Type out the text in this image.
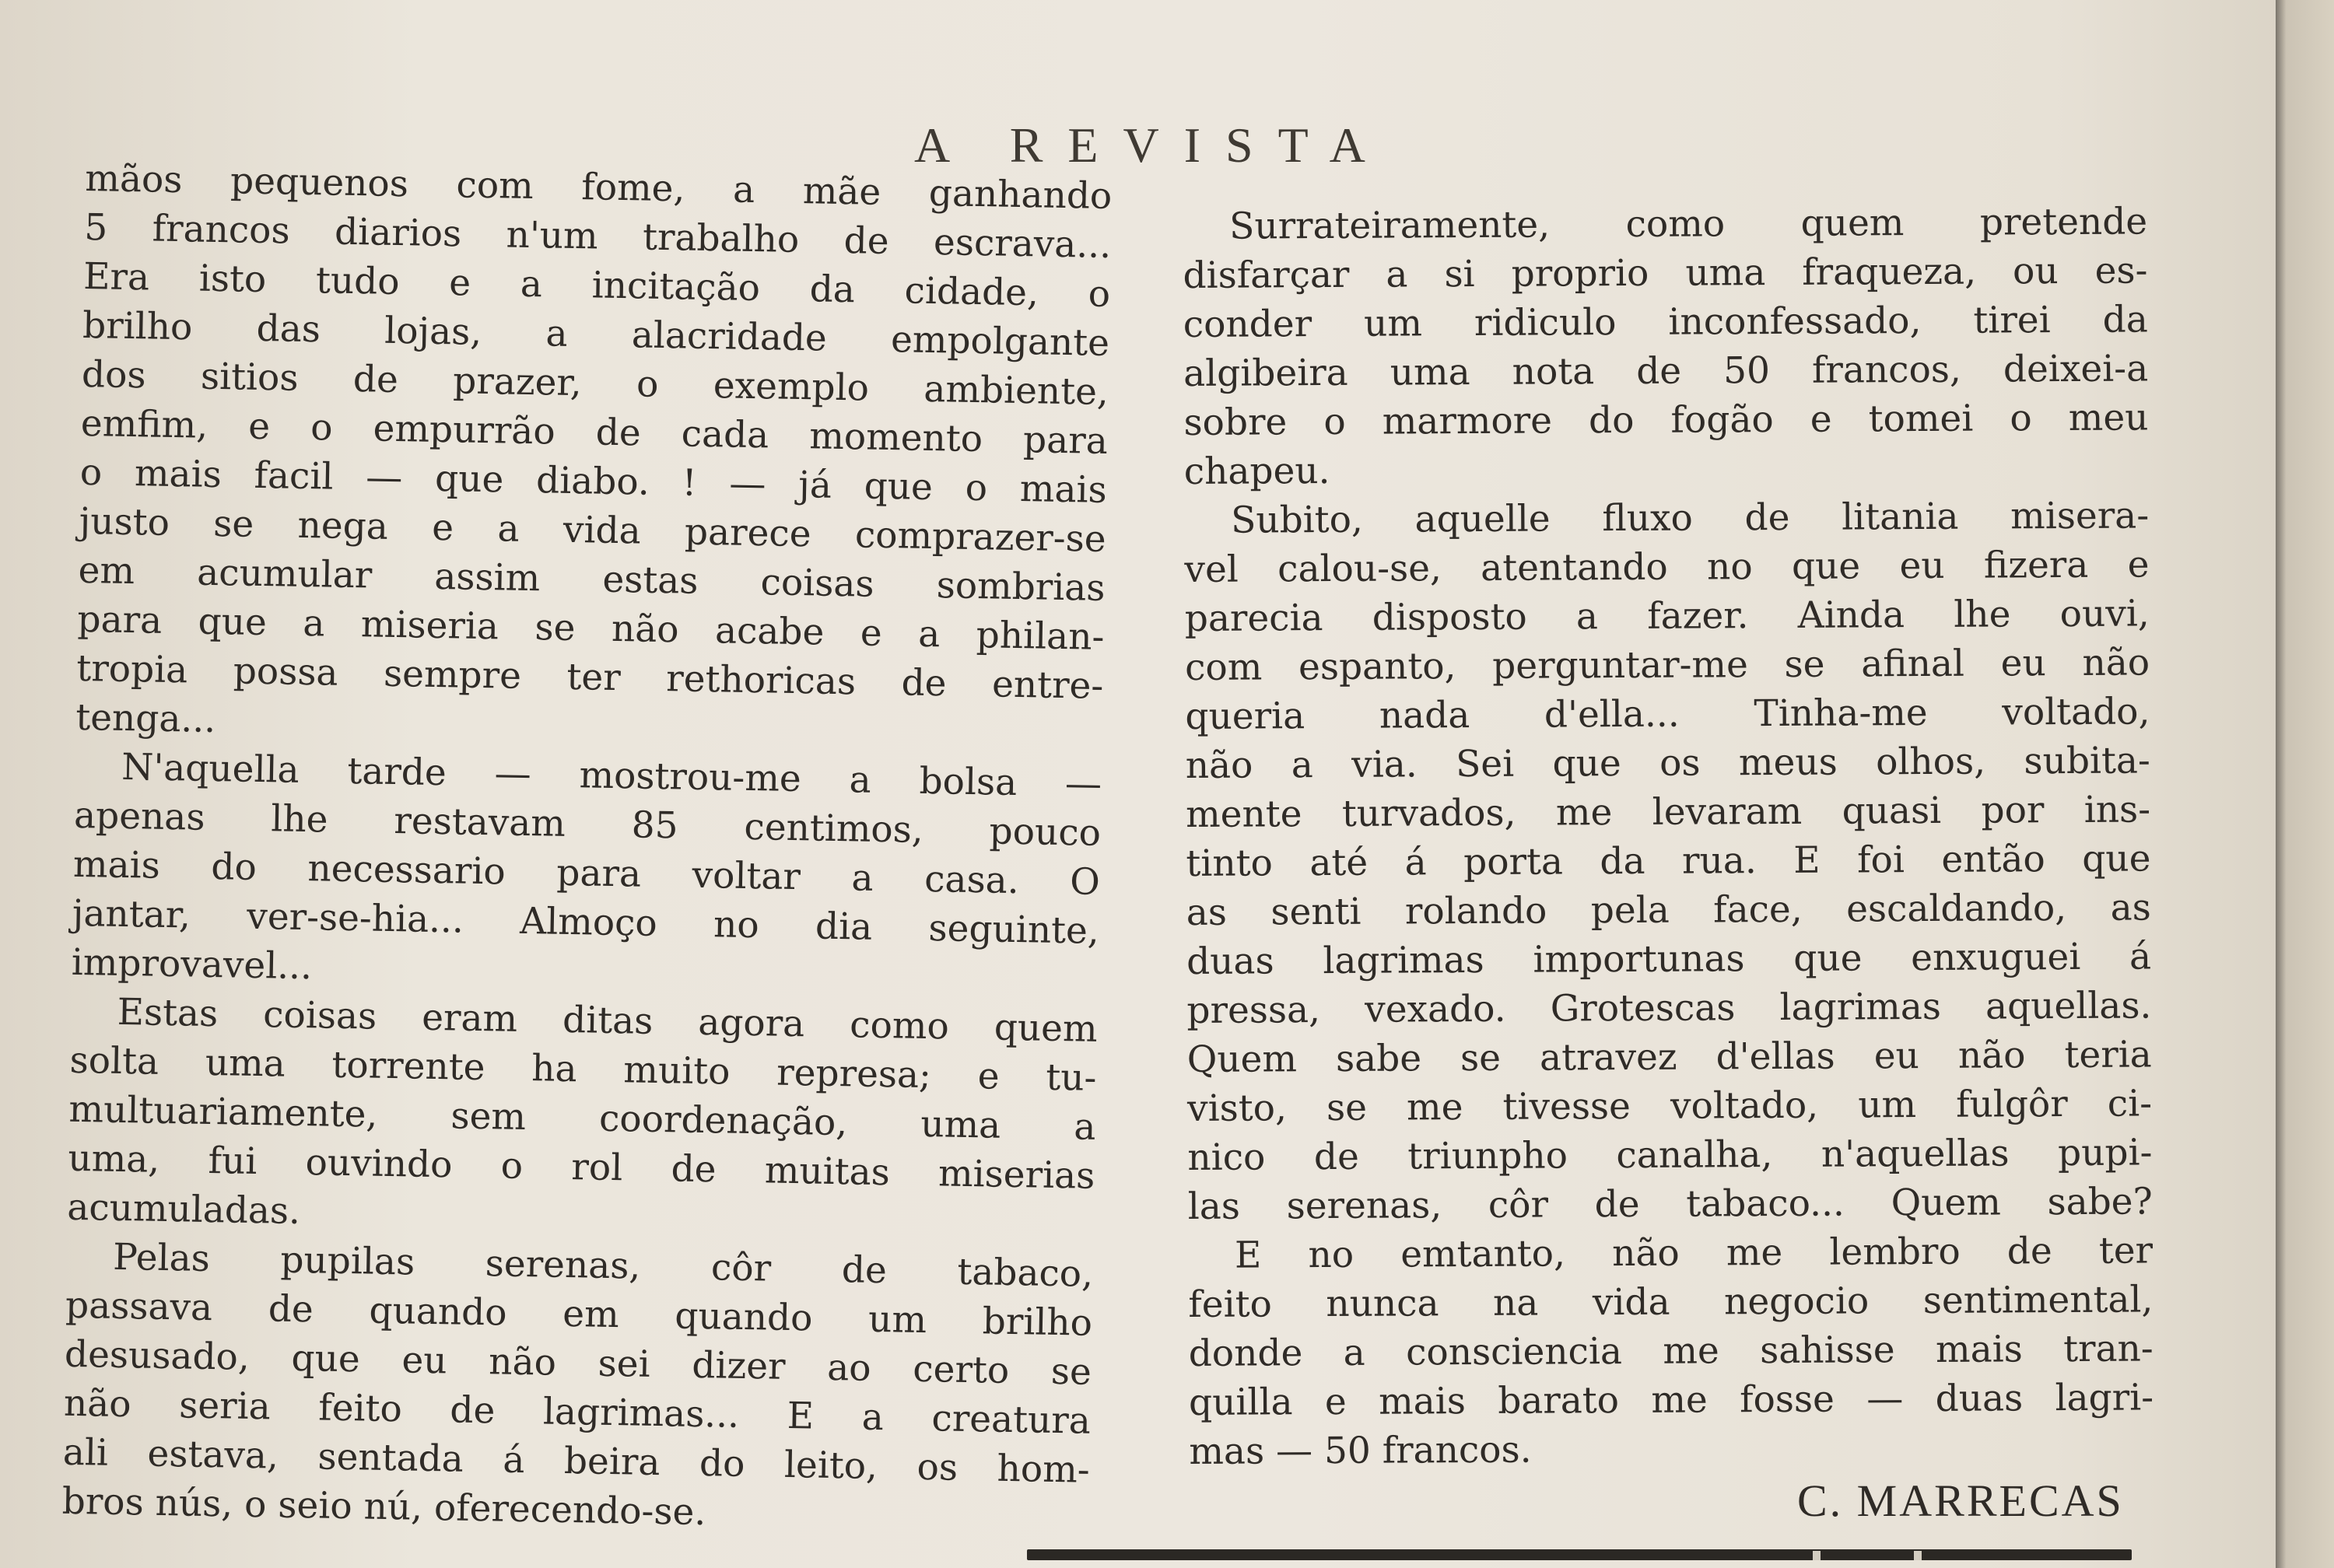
A REVISTA
mãos pequenos com fome, a mãe ganhando
5 francos diarios n'um trabalho de escrava...
Era isto tudo e a incitação da cidade, o
brilho das lojas, a alacridade empolgante
dos sitios de prazer, o exemplo ambiente,
emfim, e o empurrão de cada momento para
o mais facil — que diabo. ! — já que o mais
justo se nega e a vida parece comprazer-se
em acumular assim estas coisas sombrias
para que a miseria se não acabe e a philan-
tropia possa sempre ter rethoricas de entre-
tenga...
N'aquella tarde — mostrou-me a bolsa —
apenas lhe restavam 85 centimos, pouco
mais do necessario para voltar a casa. O
jantar, ver-se-hia... Almoço no dia seguinte,
improvavel...
Estas coisas eram ditas agora como quem
solta uma torrente ha muito represa; e tu-
multuariamente, sem coordenação, uma a
uma, fui ouvindo o rol de muitas miserias
acumuladas.
Pelas pupilas serenas, côr de tabaco,
passava de quando em quando um brilho
desusado, que eu não sei dizer ao certo se
não seria feito de lagrimas... E a creatura
ali estava, sentada á beira do leito, os hom-
bros nús, o seio nú, oferecendo-se.
Surrateiramente, como quem pretende
disfarçar a si proprio uma fraqueza, ou es-
conder um ridiculo inconfessado, tirei da
algibeira uma nota de 50 francos, deixei-a
sobre o marmore do fogão e tomei o meu
chapeu.
Subito, aquelle fluxo de litania misera-
vel calou-se, atentando no que eu fizera e
parecia disposto a fazer. Ainda lhe ouvi,
com espanto, perguntar-me se afinal eu não
queria nada d'ella... Tinha-me voltado,
não a via. Sei que os meus olhos, subita-
mente turvados, me levaram quasi por ins-
tinto até á porta da rua. E foi então que
as senti rolando pela face, escaldando, as
duas lagrimas importunas que enxuguei á
pressa, vexado. Grotescas lagrimas aquellas.
Quem sabe se atravez d'ellas eu não teria
visto, se me tivesse voltado, um fulgôr ci-
nico de triunpho canalha, n'aquellas pupi-
las serenas, côr de tabaco... Quem sabe?
E no emtanto, não me lembro de ter
feito nunca na vida negocio sentimental,
donde a consciencia me sahisse mais tran-
quilla e mais barato me fosse — duas lagri-
mas — 50 francos.

C. MARRECAS
